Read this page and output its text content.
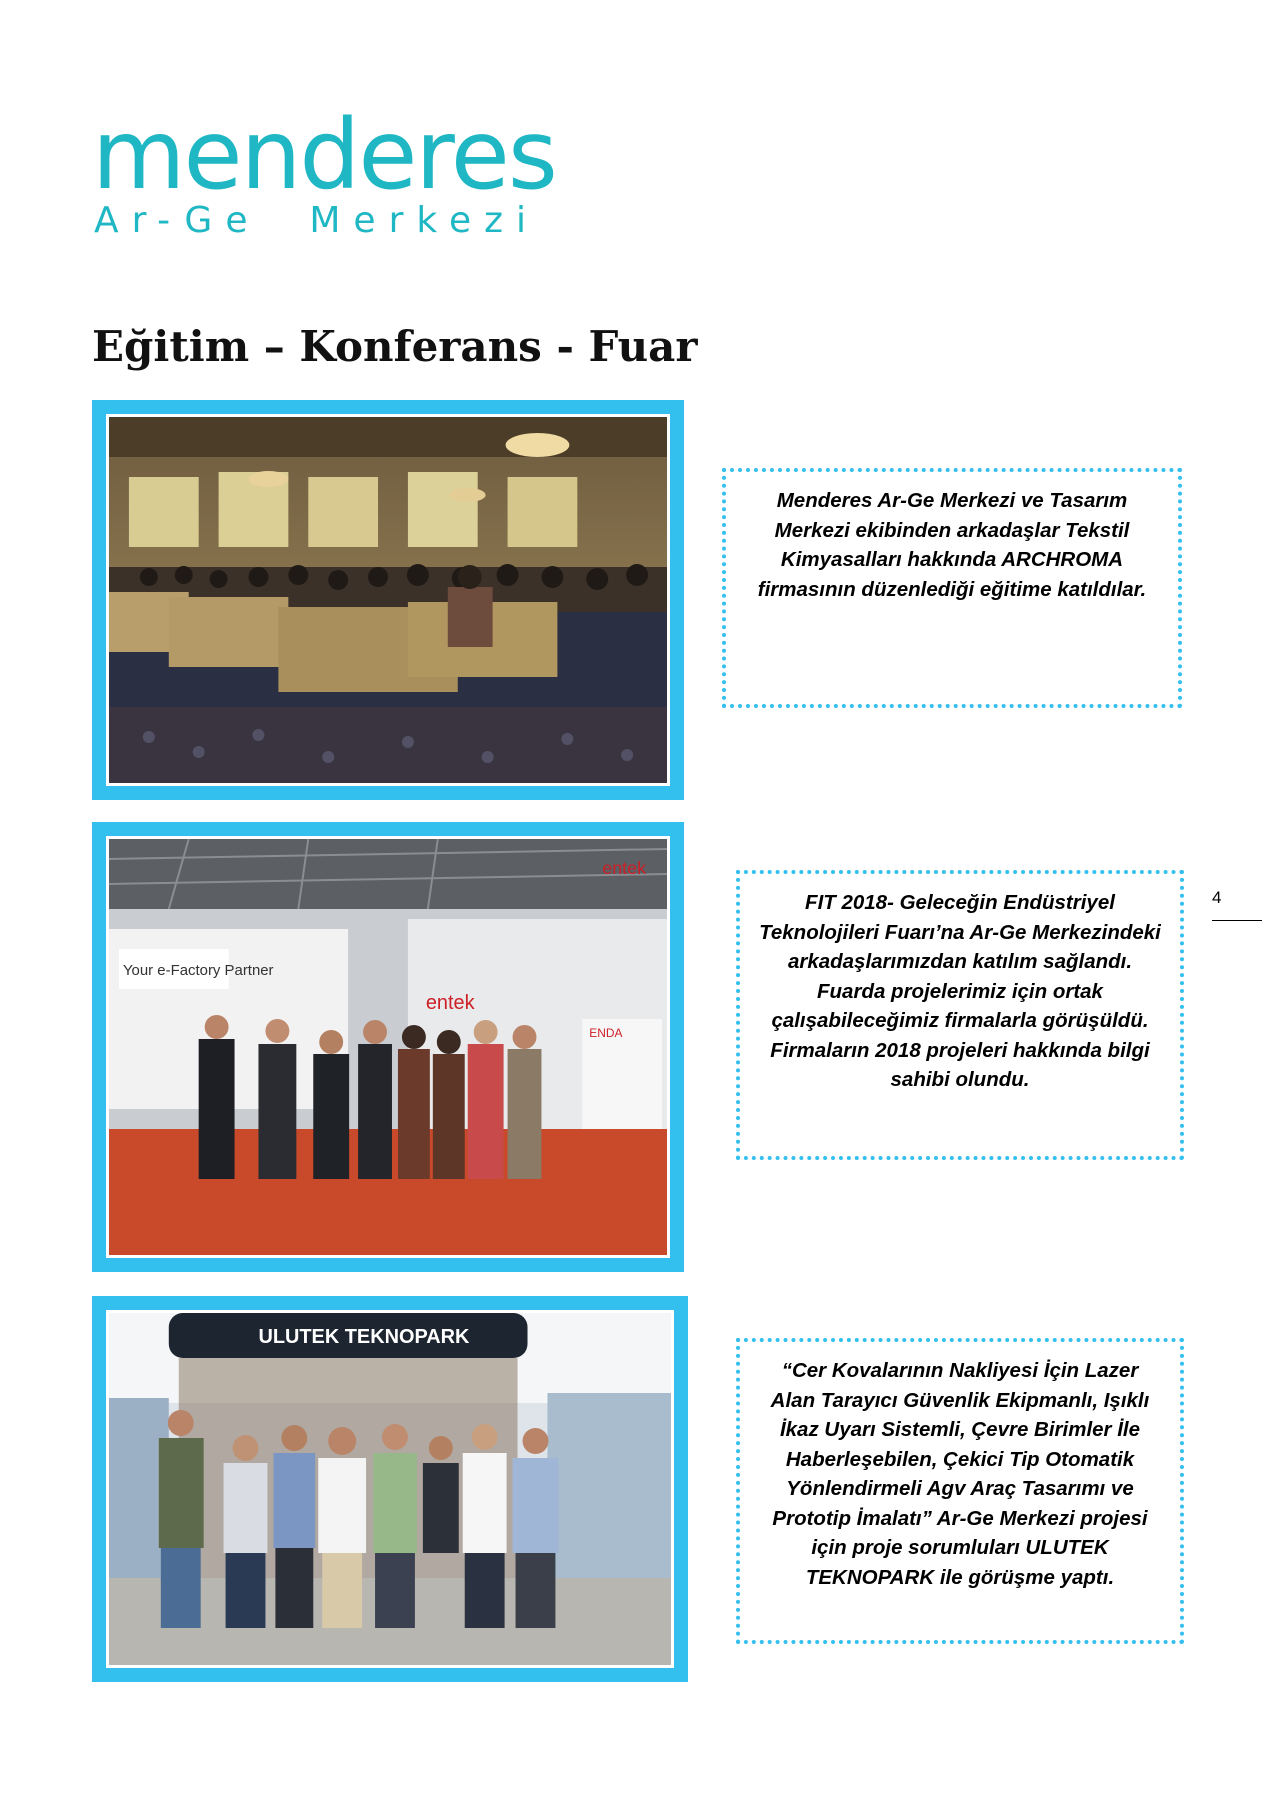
menderes
Ar-Ge  Merkezi
Eğitim – Konferans - Fuar

Menderes Ar-Ge Merkezi ve Tasarım Merkezi ekibinden arkadaşlar Tekstil Kimyasalları hakkında ARCHROMA firmasının düzenlediği eğitime katıldılar.

Your e-Factory Partner
entek
entek
ENDA

FIT 2018- Geleceğin Endüstriyel Teknolojileri Fuarı’na Ar-Ge Merkezindeki arkadaşlarımızdan katılım sağlandı. Fuarda projelerimiz için ortak çalışabileceğimiz firmalarla görüşüldü. Firmaların 2018 projeleri hakkında bilgi sahibi olundu.

ULUTEK TEKNOPARK

“Cer Kovalarının Nakliyesi İçin Lazer Alan Tarayıcı Güvenlik Ekipmanlı, Işıklı İkaz Uyarı Sistemli, Çevre Birimler İle Haberleşebilen, Çekici Tip Otomatik Yönlendirmeli Agv Araç Tasarımı ve Prototip İmalatı” Ar-Ge Merkezi projesi için proje sorumluları ULUTEK TEKNOPARK ile görüşme yaptı.

4
